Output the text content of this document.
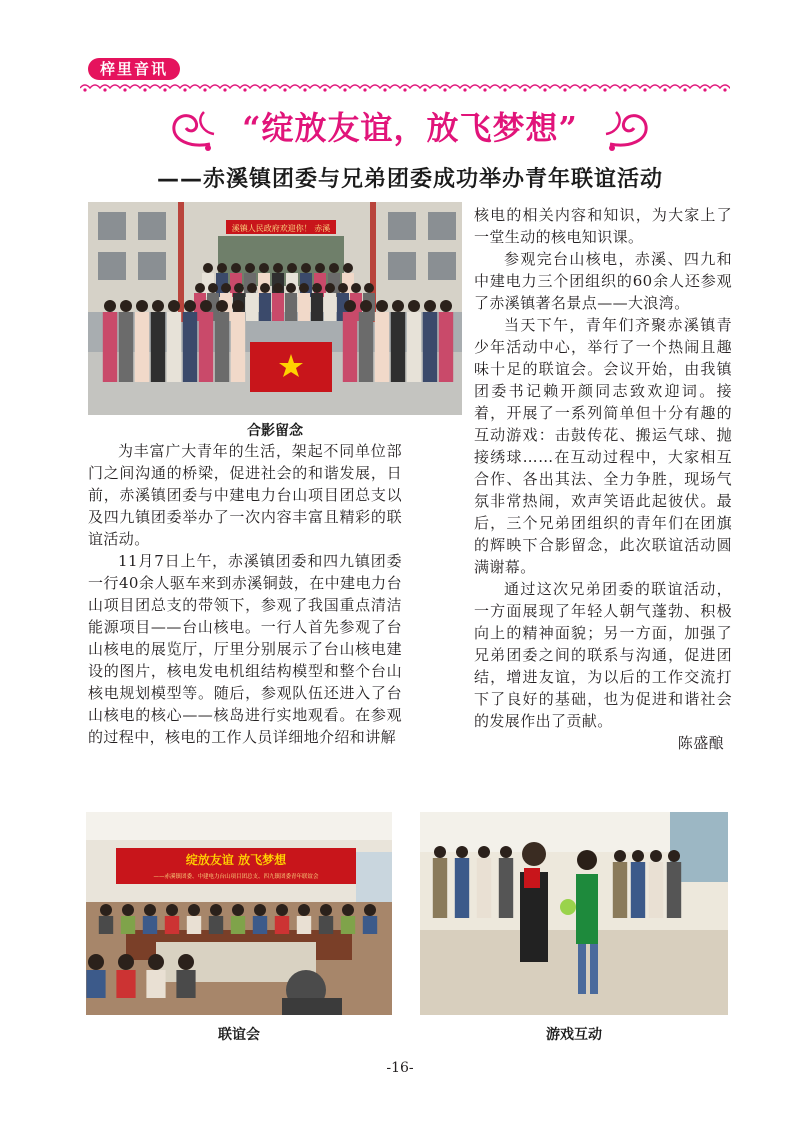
梓里音讯
“绽放友谊，放飞梦想”
——赤溪镇团委与兄弟团委成功举办青年联谊活动
溪镇人民政府欢迎你！ 赤溪
合影留念

为丰富广大青年的生活，架起不同单位部门之间沟通的桥梁，促进社会的和谐发展，日前，赤溪镇团委与中建电力台山项目团总支以及四九镇团委举办了一次内容丰富且精彩的联谊活动。

11月7日上午，赤溪镇团委和四九镇团委一行40余人驱车来到赤溪铜鼓，在中建电力台山项目团总支的带领下，参观了我国重点清洁能源项目——台山核电。一行人首先参观了台山核电的展览厅，厅里分别展示了台山核电建设的图片，核电发电机组结构模型和整个台山核电规划模型等。随后，参观队伍还进入了台山核电的核心——核岛进行实地观看。在参观的过程中，核电的工作人员详细地介绍和讲解

核电的相关内容和知识，为大家上了一堂生动的核电知识课。

参观完台山核电，赤溪、四九和中建电力三个团组织的60余人还参观了赤溪镇著名景点——大浪湾。

当天下午，青年们齐聚赤溪镇青少年活动中心，举行了一个热闹且趣味十足的联谊会。会议开始，由我镇团委书记赖开颜同志致欢迎词。接着，开展了一系列简单但十分有趣的互动游戏：击鼓传花、搬运气球、抛接绣球……在互动过程中，大家相互合作、各出其法、全力争胜，现场气氛非常热闹，欢声笑语此起彼伏。最后，三个兄弟团组织的青年们在团旗的辉映下合影留念，此次联谊活动圆满谢幕。

通过这次兄弟团委的联谊活动，一方面展现了年轻人朝气蓬勃、积极向上的精神面貌；另一方面，加强了兄弟团委之间的联系与沟通，促进团结，增进友谊，为以后的工作交流打下了良好的基础，也为促进和谐社会的发展作出了贡献。

陈盛酿

绽放友谊 放飞梦想
——赤溪镇团委、中建电力台山项目团总支、四九镇团委青年联谊会
联谊会	游戏互动
-16-
